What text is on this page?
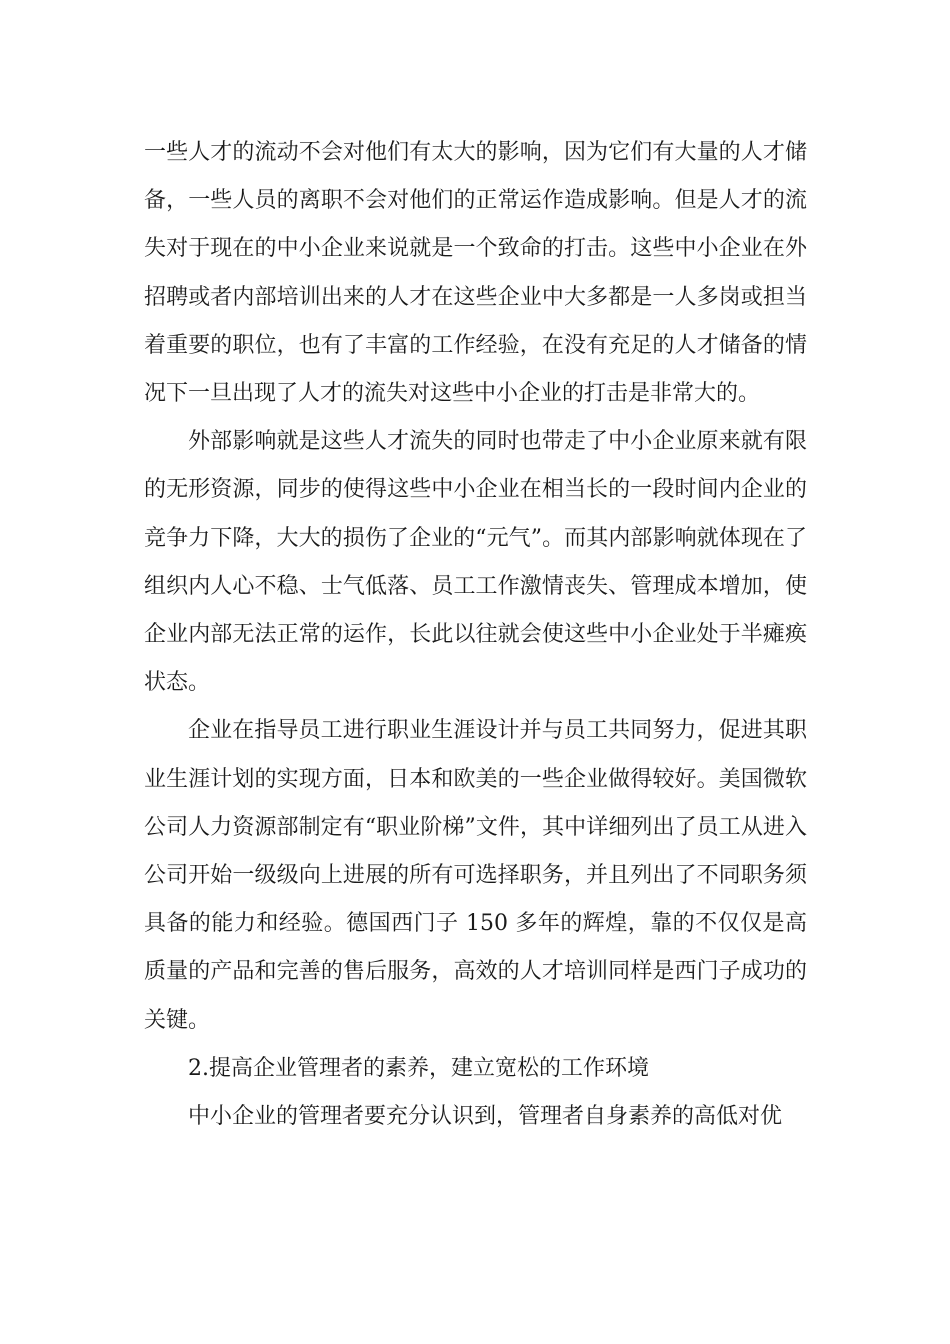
一些人才的流动不会对他们有太大的影响，因为它们有大量的人才储备，一些人员的离职不会对他们的正常运作造成影响。但是人才的流失对于现在的中小企业来说就是一个致命的打击。这些中小企业在外招聘或者内部培训出来的人才在这些企业中大多都是一人多岗或担当着重要的职位，也有了丰富的工作经验，在没有充足的人才储备的情况下一旦出现了人才的流失对这些中小企业的打击是非常大的。

外部影响就是这些人才流失的同时也带走了中小企业原来就有限的无形资源，同步的使得这些中小企业在相当长的一段时间内企业的竞争力下降，大大的损伤了企业的“元气”。而其内部影响就体现在了组织内人心不稳、士气低落、员工工作激情丧失、管理成本增加，使企业内部无法正常的运作，长此以往就会使这些中小企业处于半瘫痪状态。

企业在指导员工进行职业生涯设计并与员工共同努力，促进其职业生涯计划的实现方面，日本和欧美的一些企业做得较好。美国微软公司人力资源部制定有“职业阶梯”文件，其中详细列出了员工从进入公司开始一级级向上进展的所有可选择职务，并且列出了不同职务须具备的能力和经验。德国西门子 150 多年的辉煌，靠的不仅仅是高质量的产品和完善的售后服务，高效的人才培训同样是西门子成功的关键。

2.提高企业管理者的素养，建立宽松的工作环境

中小企业的管理者要充分认识到，管理者自身素养的高低对优
